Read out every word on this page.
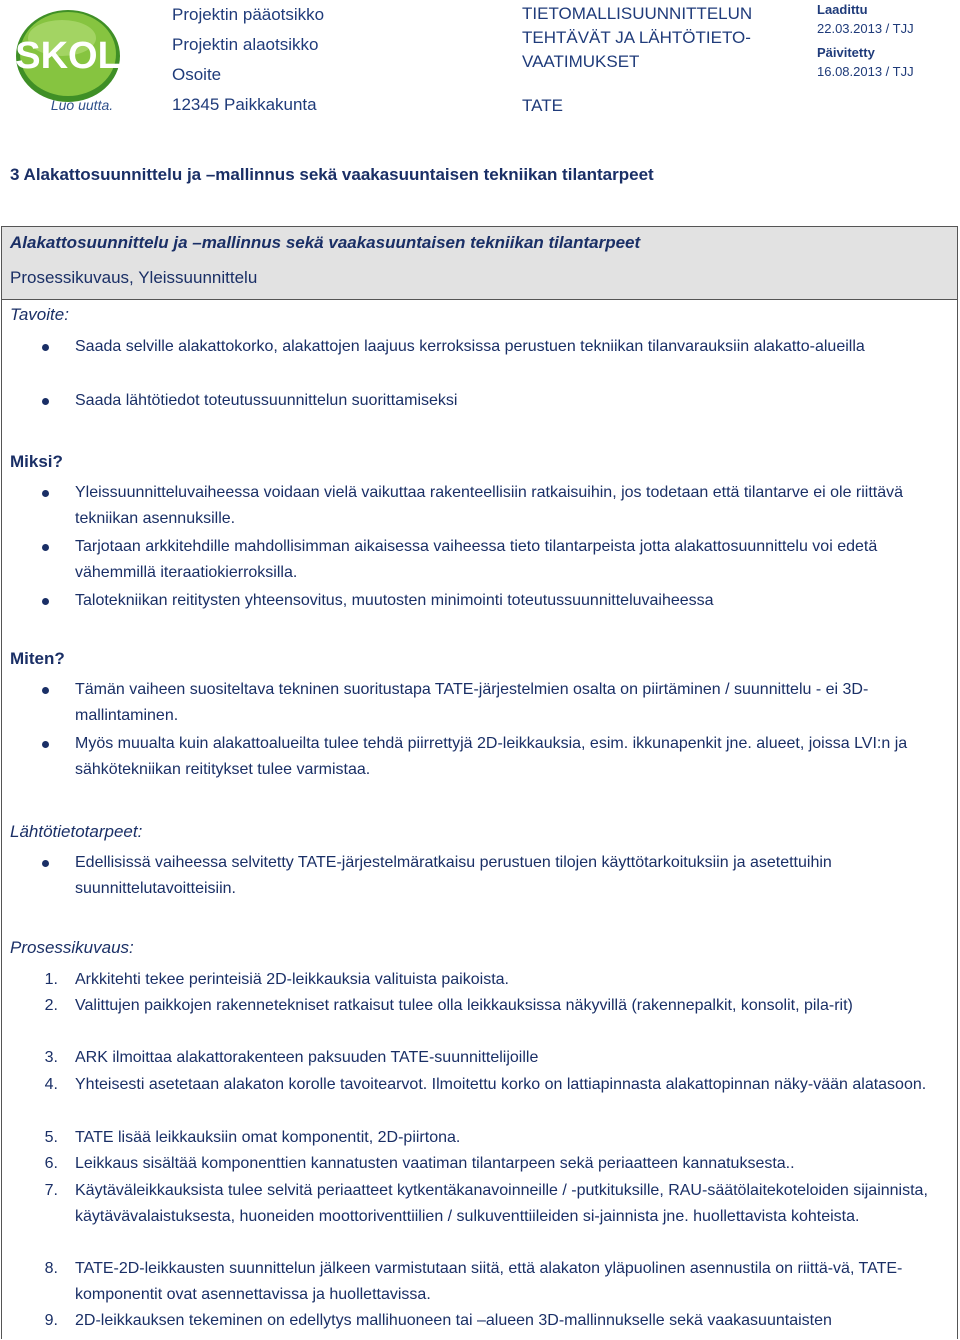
SKOL
Luo uutta.
Projektin pääotsikko
Projektin alaotsikko
Osoite
12345 Paikkakunta
TIETOMALLISUUNNITTELUN
TEHTÄVÄT JA LÄHTÖTIETO-
VAATIMUKSET
TATE
Laadittu
22.03.2013 / TJJ
Päivitetty
16.08.2013 / TJJ
3 Alakattosuunnittelu ja –mallinnus sekä vaakasuuntaisen tekniikan tilantarpeet
Alakattosuunnittelu ja –mallinnus sekä vaakasuuntaisen tekniikan tilantarpeet
Prosessikuvaus, Yleissuunnittelu
Tavoite:
Saada selville alakattokorko, alakattojen laajuus kerroksissa perustuen tekniikan tilanvarauksiin alakatto-alueilla
Saada lähtötiedot toteutussuunnittelun suorittamiseksi
Miksi?
Yleissuunnitteluvaiheessa voidaan vielä vaikuttaa rakenteellisiin ratkaisuihin, jos todetaan että tilantarve ei ole riittävä tekniikan asennuksille.
Tarjotaan arkkitehdille mahdollisimman aikaisessa vaiheessa tieto tilantarpeista jotta alakattosuunnittelu voi edetä vähemmillä iteraatiokierroksilla.
Talotekniikan reititysten yhteensovitus, muutosten minimointi toteutussuunnitteluvaiheessa
Miten?
Tämän vaiheen suositeltava tekninen suoritustapa TATE-järjestelmien osalta on piirtäminen / suunnittelu - ei 3D-mallintaminen.
Myös muualta kuin alakattoalueilta tulee tehdä piirrettyjä 2D-leikkauksia, esim. ikkunapenkit jne. alueet, joissa LVI:n ja sähkötekniikan reititykset tulee varmistaa.
Lähtötietotarpeet:
Edellisissä vaiheessa selvitetty TATE-järjestelmäratkaisu perustuen tilojen käyttötarkoituksiin ja asetettuihin suunnittelutavoitteisiin.
Prosessikuvaus:
1. Arkkitehti tekee perinteisiä 2D-leikkauksia valituista paikoista.
2. Valittujen paikkojen rakennetekniset ratkaisut tulee olla leikkauksissa näkyvillä (rakennepalkit, konsolit, pila-rit)
3. ARK ilmoittaa alakattorakenteen paksuuden TATE-suunnittelijoille
4. Yhteisesti asetetaan alakaton korolle tavoitearvot. Ilmoitettu korko on lattiapinnasta alakattopinnan näky-vään alatasoon.
5. TATE lisää leikkauksiin omat komponentit, 2D-piirtona.
6. Leikkaus sisältää komponenttien kannatusten vaatiman tilantarpeen sekä periaatteen kannatuksesta..
7. Käytäväleikkauksista tulee selvitä periaatteet kytkentäkanavoinneille / -putkituksille, RAU-säätölaitekoteloiden sijainnista, käytävävalaistuksesta, huoneiden moottoriventtiilien / sulkuventtiileiden si-jainnista jne. huollettavista kohteista.
8. TATE-2D-leikkausten suunnittelun jälkeen varmistutaan siitä, että alakaton yläpuolinen asennustila on riittä-vä, TATE-komponentit ovat asennettavissa ja huollettavissa.
9. 2D-leikkauksen tekeminen on edellytys mallihuoneen tai –alueen 3D-mallinnukselle sekä vaakasuuntaisten
